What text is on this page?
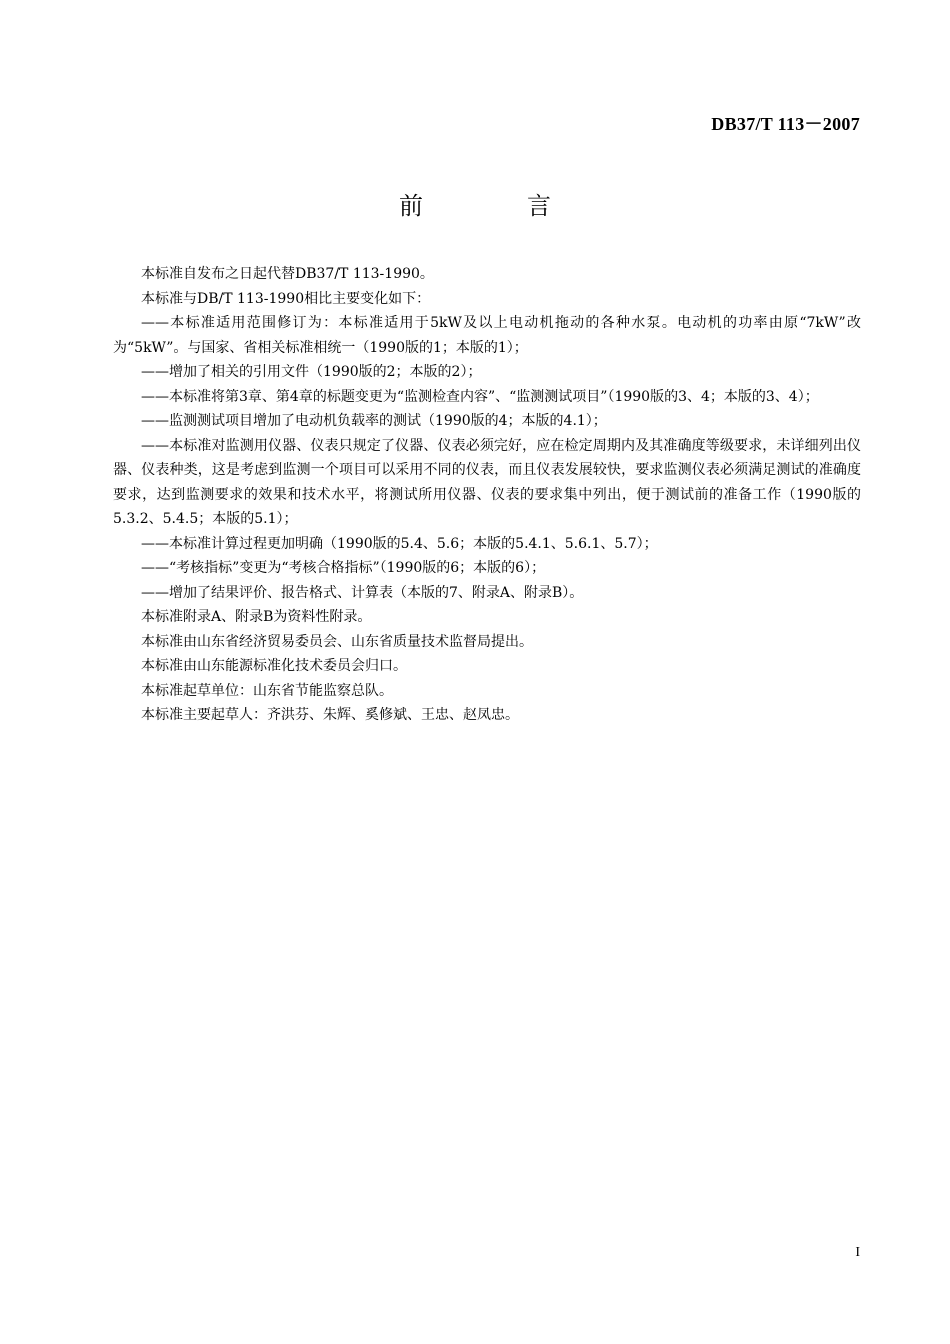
DB37/T 113－2007
前　言

本标准自发布之日起代替DB37/T 113-1990。

本标准与DB/T 113-1990相比主要变化如下：

——本标准适用范围修订为：本标准适用于5kW及以上电动机拖动的各种水泵。电动机的功率由原“7kW”改为“5kW”。与国家、省相关标准相统一（1990版的1；本版的1）；

——增加了相关的引用文件（1990版的2；本版的2）；

——本标准将第3章、第4章的标题变更为“监测检查内容”、“监测测试项目”（1990版的3、4；本版的3、4）；

——监测测试项目增加了电动机负载率的测试（1990版的4；本版的4.1）；

——本标准对监测用仪器、仪表只规定了仪器、仪表必须完好，应在检定周期内及其准确度等级要求，未详细列出仪器、仪表种类，这是考虑到监测一个项目可以采用不同的仪表，而且仪表发展较快，要求监测仪表必须满足测试的准确度要求，达到监测要求的效果和技术水平，将测试所用仪器、仪表的要求集中列出，便于测试前的准备工作（1990版的5.3.2、5.4.5；本版的5.1）；

——本标准计算过程更加明确（1990版的5.4、5.6；本版的5.4.1、5.6.1、5.7）；

——“考核指标”变更为“考核合格指标”（1990版的6；本版的6）；

——增加了结果评价、报告格式、计算表（本版的7、附录A、附录B）。

本标准附录A、附录B为资料性附录。

本标准由山东省经济贸易委员会、山东省质量技术监督局提出。

本标准由山东能源标准化技术委员会归口。

本标准起草单位：山东省节能监察总队。

本标准主要起草人：齐洪芬、朱辉、奚修斌、王忠、赵凤忠。

I
